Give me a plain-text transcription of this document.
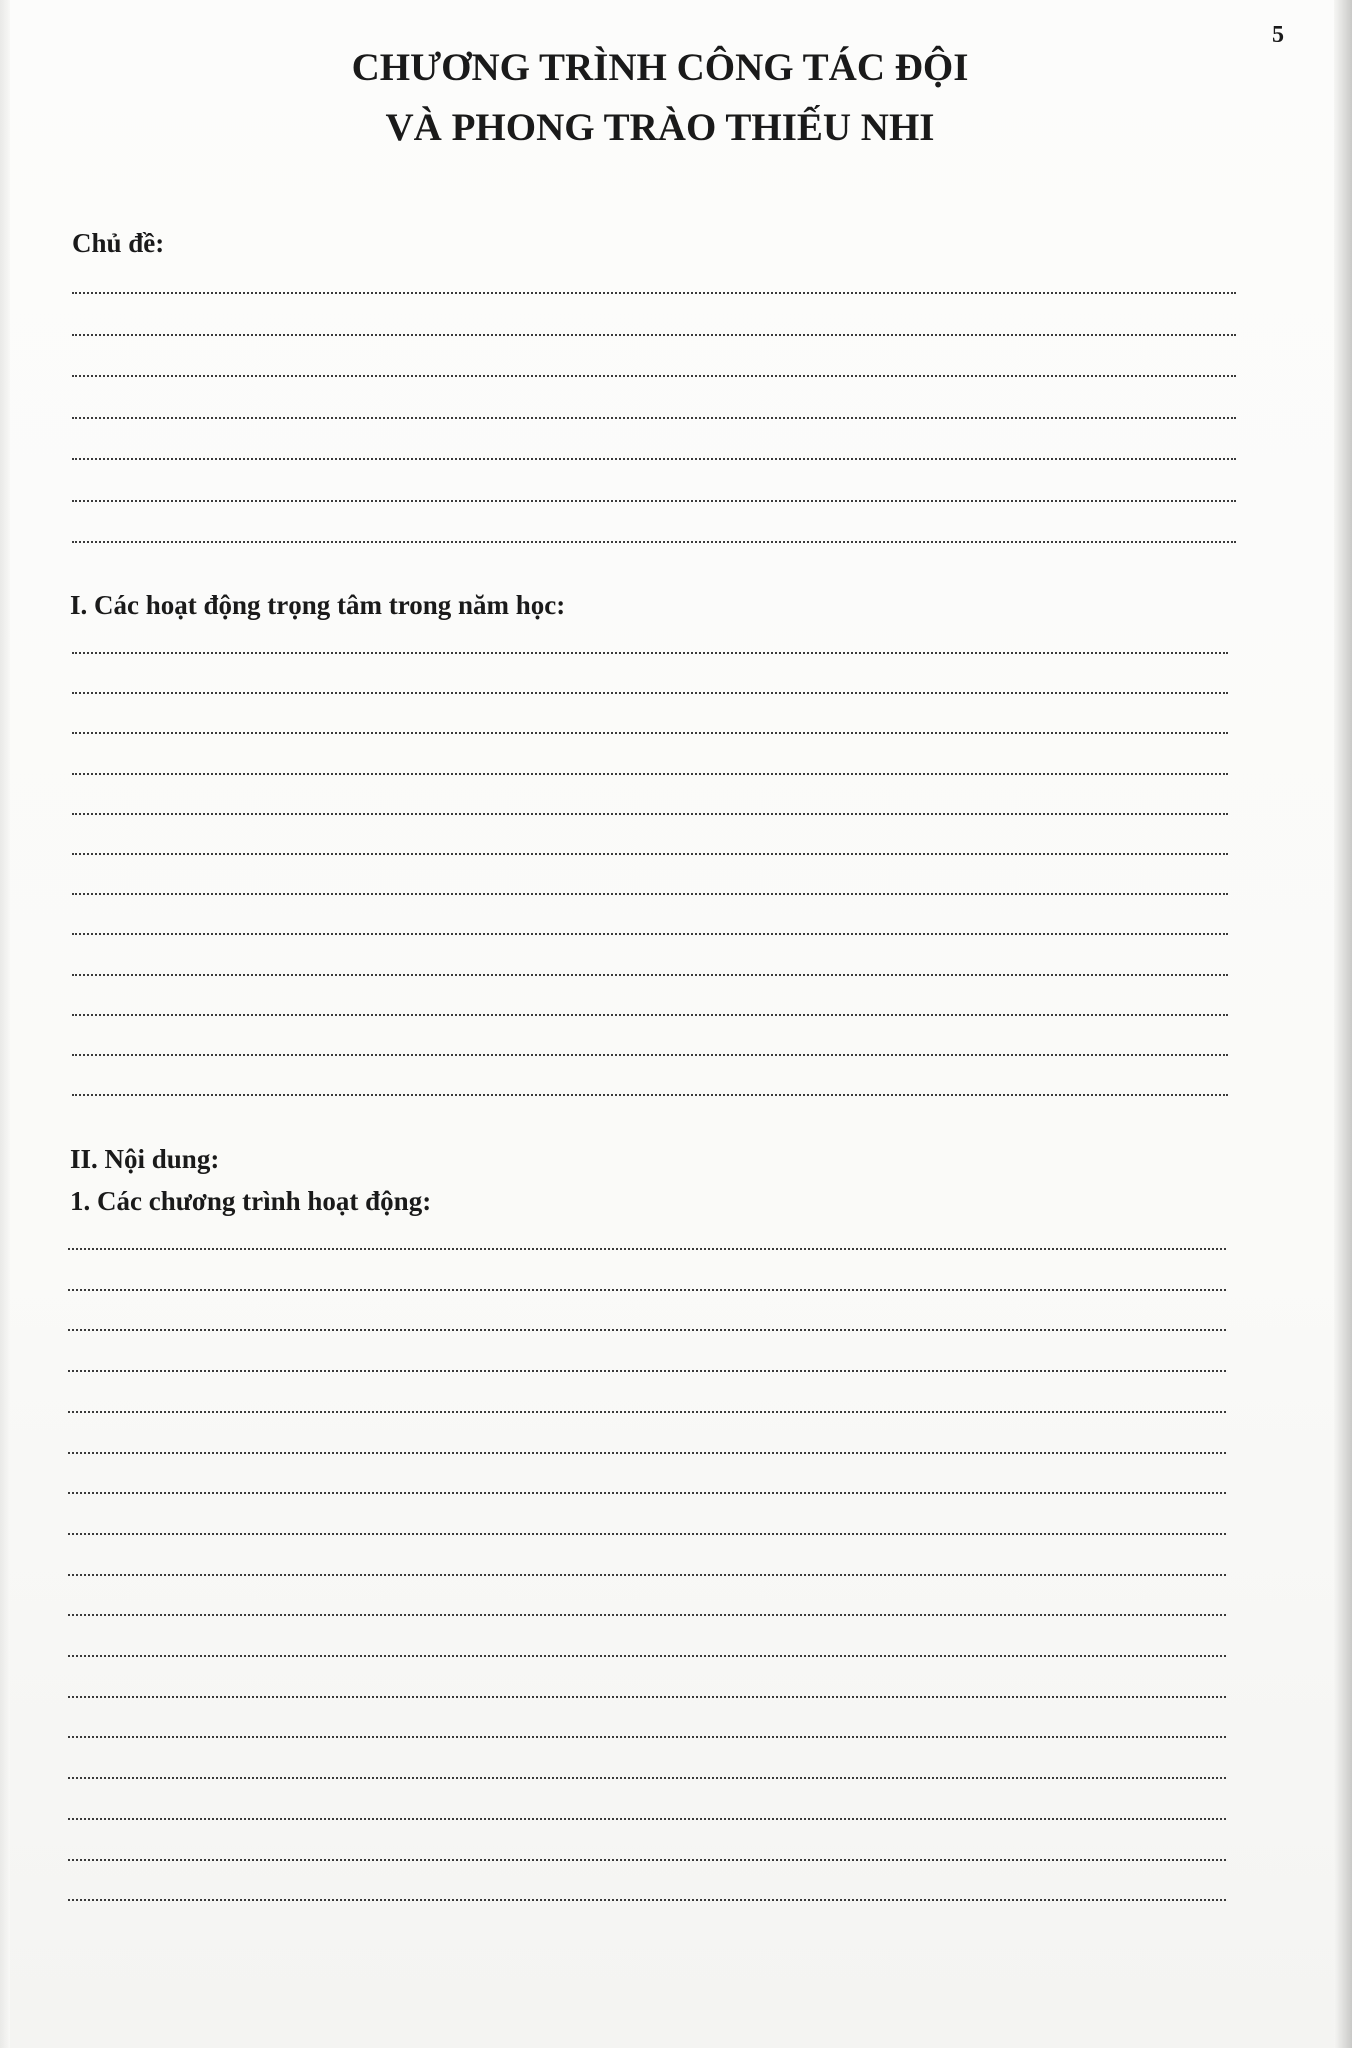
5
CHƯƠNG TRÌNH CÔNG TÁC ĐỘI
VÀ PHONG TRÀO THIẾU NHI
Chủ đề:
I. Các hoạt động trọng tâm trong năm học:
II. Nội dung:
1. Các chương trình hoạt động:
